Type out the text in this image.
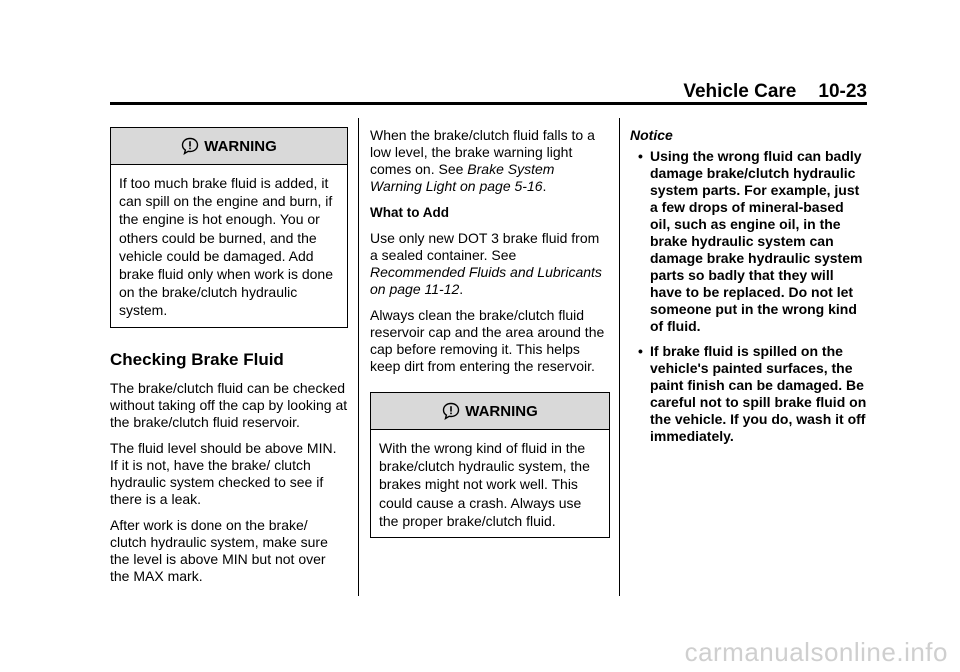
Vehicle Care 10-23
WARNING
If too much brake fluid is added, it can spill on the engine and burn, if the engine is hot enough. You or others could be burned, and the vehicle could be damaged. Add brake fluid only when work is done on the brake/clutch hydraulic system.
Checking Brake Fluid

The brake/clutch fluid can be checked without taking off the cap by looking at the brake/clutch fluid reservoir.

The fluid level should be above MIN. If it is not, have the brake/ clutch hydraulic system checked to see if there is a leak.

After work is done on the brake/ clutch hydraulic system, make sure the level is above MIN but not over the MAX mark.

When the brake/clutch fluid falls to a low level, the brake warning light comes on. See Brake System Warning Light on page 5-16.

What to Add

Use only new DOT 3 brake fluid from a sealed container. See Recommended Fluids and Lubricants on page 11-12.

Always clean the brake/clutch fluid reservoir cap and the area around the cap before removing it. This helps keep dirt from entering the reservoir.

WARNING
With the wrong kind of fluid in the brake/clutch hydraulic system, the brakes might not work well. This could cause a crash. Always use the proper brake/clutch fluid.
Notice
• Using the wrong fluid can badly damage brake/clutch hydraulic system parts. For example, just a few drops of mineral-based oil, such as engine oil, in the brake hydraulic system can damage brake hydraulic system parts so badly that they will have to be replaced. Do not let someone put in the wrong kind of fluid.
• If brake fluid is spilled on the vehicle's painted surfaces, the paint finish can be damaged. Be careful not to spill brake fluid on the vehicle. If you do, wash it off immediately.
carmanualsonline.info
